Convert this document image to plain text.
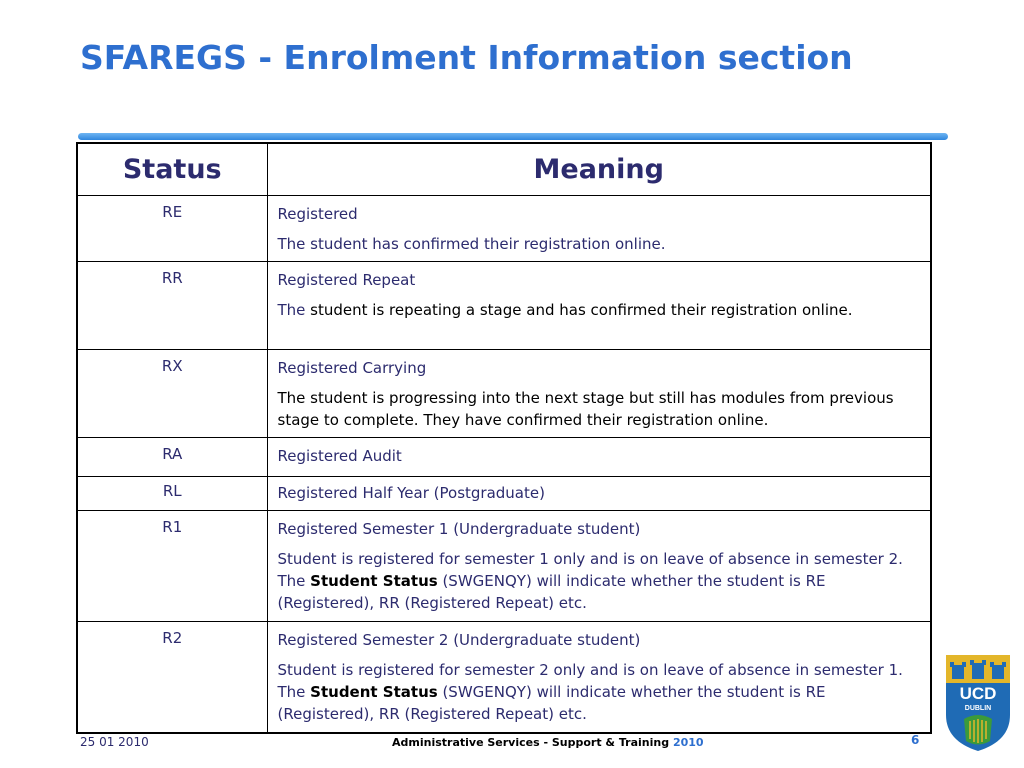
SFAREGS - Enrolment Information section
Status	Meaning
RE	Registered
The student has confirmed their registration online.

RR	Registered Repeat
The student is repeating a stage and has confirmed their registration online.

RX	Registered Carrying
The student is progressing into the next stage but still has modules from previous stage to complete. They have confirmed their registration online.

RA	Registered Audit

RL	Registered Half Year (Postgraduate)

R1	Registered Semester 1 (Undergraduate student)
Student is registered for semester 1 only and is on leave of absence in semester 2. The Student Status (SWGENQY) will indicate whether the student is RE (Registered), RR (Registered Repeat) etc.

R2	Registered Semester 2 (Undergraduate student)
Student is registered for semester 2 only and is on leave of absence in semester 1. The Student Status (SWGENQY) will indicate whether the student is RE (Registered), RR (Registered Repeat) etc.
25 01 2010	Administrative Services - Support & Training 2010	6
UCD
DUBLIN
